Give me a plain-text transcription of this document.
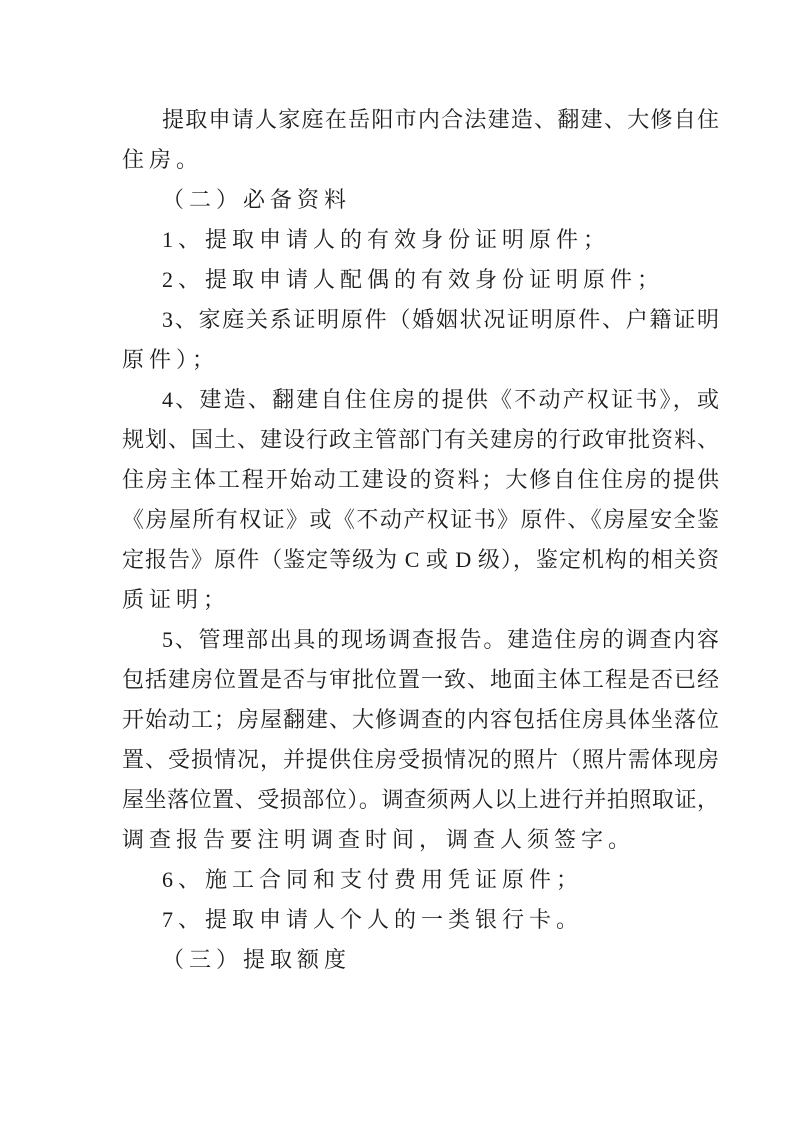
提取申请人家庭在岳阳市内合法建造、翻建、大修自住

住房。

（二）必备资料

1、提取申请人的有效身份证明原件；

2、提取申请人配偶的有效身份证明原件；

3、家庭关系证明原件（婚姻状况证明原件、户籍证明

原件）；

4、建造、翻建自住住房的提供《不动产权证书》，或

规划、国土、建设行政主管部门有关建房的行政审批资料、

住房主体工程开始动工建设的资料；大修自住住房的提供

《房屋所有权证》或《不动产权证书》原件、《房屋安全鉴

定报告》原件（鉴定等级为 C 或 D 级），鉴定机构的相关资

质证明；

5、管理部出具的现场调查报告。建造住房的调查内容

包括建房位置是否与审批位置一致、地面主体工程是否已经

开始动工；房屋翻建、大修调查的内容包括住房具体坐落位

置、受损情况，并提供住房受损情况的照片（照片需体现房

屋坐落位置、受损部位）。调查须两人以上进行并拍照取证，

调查报告要注明调查时间，调查人须签字。

6、施工合同和支付费用凭证原件；

7、提取申请人个人的一类银行卡。

（三）提取额度
